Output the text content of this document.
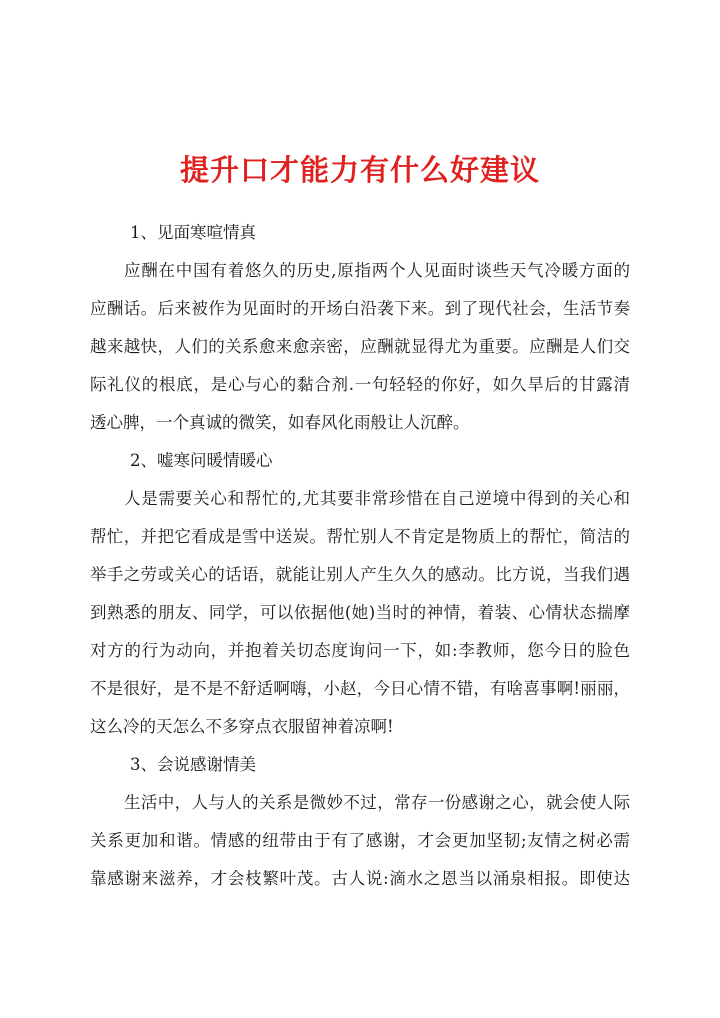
提升口才能力有什么好建议
1、见面寒喧情真
应酬在中国有着悠久的历史,原指两个人见面时谈些天气冷暖方面的
应酬话。后来被作为见面时的开场白沿袭下来。到了现代社会，生活节奏
越来越快，人们的关系愈来愈亲密，应酬就显得尤为重要。应酬是人们交
际礼仪的根底，是心与心的黏合剂.一句轻轻的你好，如久旱后的甘露清
透心脾，一个真诚的微笑，如春风化雨般让人沉醉。
2、嘘寒问暖情暖心
人是需要关心和帮忙的,尤其要非常珍惜在自己逆境中得到的关心和
帮忙，并把它看成是雪中送炭。帮忙别人不肯定是物质上的帮忙，简洁的
举手之劳或关心的话语，就能让别人产生久久的感动。比方说，当我们遇
到熟悉的朋友、同学，可以依据他(她)当时的神情，着装、心情状态揣摩
对方的行为动向，并抱着关切态度询问一下，如:李教师，您今日的脸色
不是很好，是不是不舒适啊嗨，小赵，今日心情不错，有啥喜事啊!丽丽，
这么冷的天怎么不多穿点衣服留神着凉啊!
3、会说感谢情美
生活中，人与人的关系是微妙不过，常存一份感谢之心，就会使人际
关系更加和谐。情感的纽带由于有了感谢，才会更加坚韧;友情之树必需
靠感谢来滋养，才会枝繁叶茂。古人说:滴水之恩当以涌泉相报。即使达
